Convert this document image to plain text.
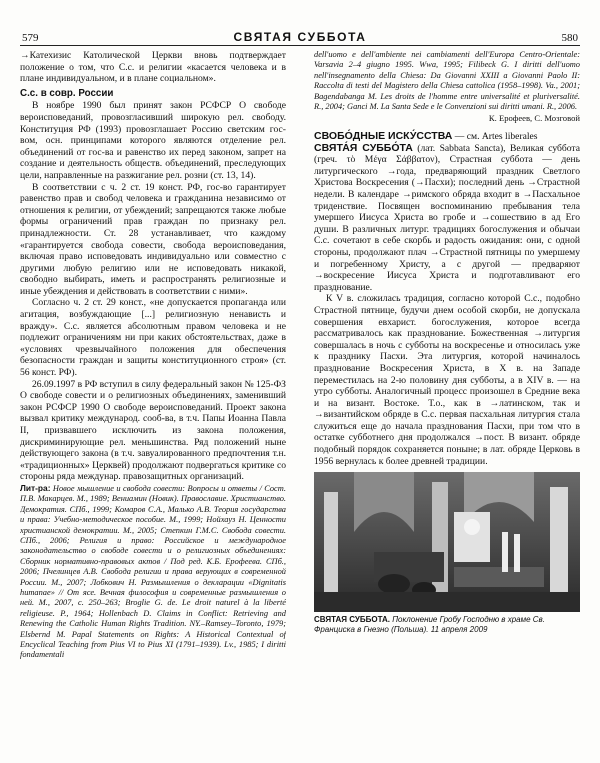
579	СВЯТАЯ СУББОТА	580

→Катехизис Католической Церкви вновь подтверждает положение о том, что С.с. и религии «касается человека и в плане индивидуальном, и в плане социальном».

С.с. в совр. России

В ноябре 1990 был принят закон РСФСР О свободе вероисповеданий, провозгласивший широкую рел. свободу. Конституция РФ (1993) провозглашает Россию светским гос-вом, осн. принципами которого являются отделение рел. объединений от гос-ва и равенство их перед законом, запрет на создание и деятельность обществ. объединений, преследующих цели, направленные на разжигание рел. розни (ст. 13, 14).

В соответствии с ч. 2 ст. 19 конст. РФ, гос-во гарантирует равенство прав и свобод человека и гражданина независимо от отношения к религии, от убеждений; запрещаются также любые формы ограничений прав граждан по признаку рел. принадлежности. Ст. 28 устанавливает, что каждому «гарантируется свобода совести, свобода вероисповедания, включая право исповедовать индивидуально или совместно с другими любую религию или не исповедовать никакой, свободно выбирать, иметь и распространять религиозные и иные убеждения и действовать в соответствии с ними».

Согласно ч. 2 ст. 29 конст., «не допускается пропаганда или агитация, возбуждающие [...] религиозную ненависть и вражду». С.с. является абсолютным правом человека и не подлежит ограничениям ни при каких обстоятельствах, даже в «условиях чрезвычайного положения для обеспечения безопасности граждан и защиты конституционного строя» (ст. 56 конст. РФ).

26.09.1997 в РФ вступил в силу федеральный закон № 125-ФЗ О свободе совести и о религиозных объединениях, заменивший закон РСФСР 1990 О свободе вероисповеданий. Проект закона вызвал критику международ. сооб-ва, в т.ч. Папы Иоанна Павла II, призвавшего исключить из закона положения, дискриминирующие рел. меньшинства. Ряд положений ныне действующего закона (в т.ч. завуалированного предпочтения т.н. «традиционных» Церквей) продолжают подвергаться критике со стороны ряда междунар. правозащитных организаций.

Лит-ра: Новое мышление и свобода совести: Вопросы и ответы / Сост. П.В. Макарцев. М., 1989; Вениамин (Новик). Православие. Христианство. Демократия. СПб., 1999; Комаров С.А., Малько А.В. Теория государства и права: Учебно-методическое пособие. М., 1999; Нойхауз Н. Ценности христианской демократии. М., 2005; Степкин Г.М.С. Свобода совести. СПб., 2006; Религия и право: Российское и международное законодательство о свободе совести и о религиозных объединениях: Сборник нормативно-правовых актов / Под ред. К.Б. Ерофеева. СПб., 2006; Пчелинцев А.В. Свобода религии и права верующих в современной России. М., 2007; Лобкович Н. Размышления о декларации «Dignitatis humanae» // От ясе. Вечная философия и современные размышления о ней. М., 2007, с. 250–263; Broglie G. de. Le droit naturel à la liberté religieuse. P., 1964; Hollenbach D. Claims in Conflict: Retrieving and Renewing the Catholic Human Rights Tradition. NY.–Ramsey–Toronto, 1979; Elsbernd M. Papal Statements on Rights: A Historical Contextual of Encyclical Teaching from Pius VI to Pius XI (1791–1939). Lv., 1985; I diritti fondamentali

dell'uomo e dell'ambiente nei cambiamenti dell'Europa Centro-Orientale: Varsavia 2–4 giugno 1995. Wwa, 1995; Filibeck G. I diritti dell'uomo nell'insegnamento della Chiesa: Da Giovanni XXIII a Giovanni Paolo II: Raccolta di testi del Magistero della Chiesa cattolica (1958–1998). Va., 2001; Bagendabanga M. Les droits de l'homme entre universalité et pluriversalité. R., 2004; Ganci M. La Santa Sede e le Convenzioni sui diritti umani. R., 2006.

К. Ерофеев, С. Мозговой

СВОБО́ДНЫЕ ИСКУ́ССТВА — см. Artes liberales

СВЯТА́Я СУББО́ТА (лат. Sabbata Sancta), Великая суббота (греч. τὸ Μέγα Σάββατον), Страстная суббота — день литургического →года, предваряющий праздник Светлого Христова Воскресения (→Пасхи); последний день →Страстной недели. В календаре →римского обряда входит в →Пасхальное триденствие. Посвящен воспоминанию пребывания тела умершего Иисуса Христа во гробе и →сошествию в ад Его души. В различных литург. традициях богослужения и обычаи С.с. сочетают в себе скорбь и радость ожидания: они, с одной стороны, продолжают плач →Страстной пятницы по умершему и погребенному Христу, а с другой — предваряют →воскресение Иисуса Христа и подготавливают его празднование.

К V в. сложилась традиция, согласно которой С.с., подобно Страстной пятнице, будучи днем особой скорби, не допускала совершения евхарист. богослужения, которое всегда рассматривалось как празднование. Божественная →литургия совершалась в ночь с субботы на воскресенье и относилась уже к празднику Пасхи. Эта литургия, которой начиналось празднование Воскресения Христа, в X в. на Западе переместилась на 2-ю половину дня субботы, а в XIV в. — на утро субботы. Аналогичный процесс произошел в Средние века и на визант. Востоке. Т.о., как в →латинском, так и →византийском обряде в С.с. первая пасхальная литургия стала служиться еще до начала празднования Пасхи, при том что в остатке субботнего дня продолжался →пост. В визант. обряде подобный порядок сохраняется поныне; в лат. обряде Церковь в 1956 вернулась к более древней традиции.

СВЯТАЯ СУББОТА. Поклонение Гробу Господню в храме Св. Франциска в Гнезно (Польша). 11 апреля 2009
